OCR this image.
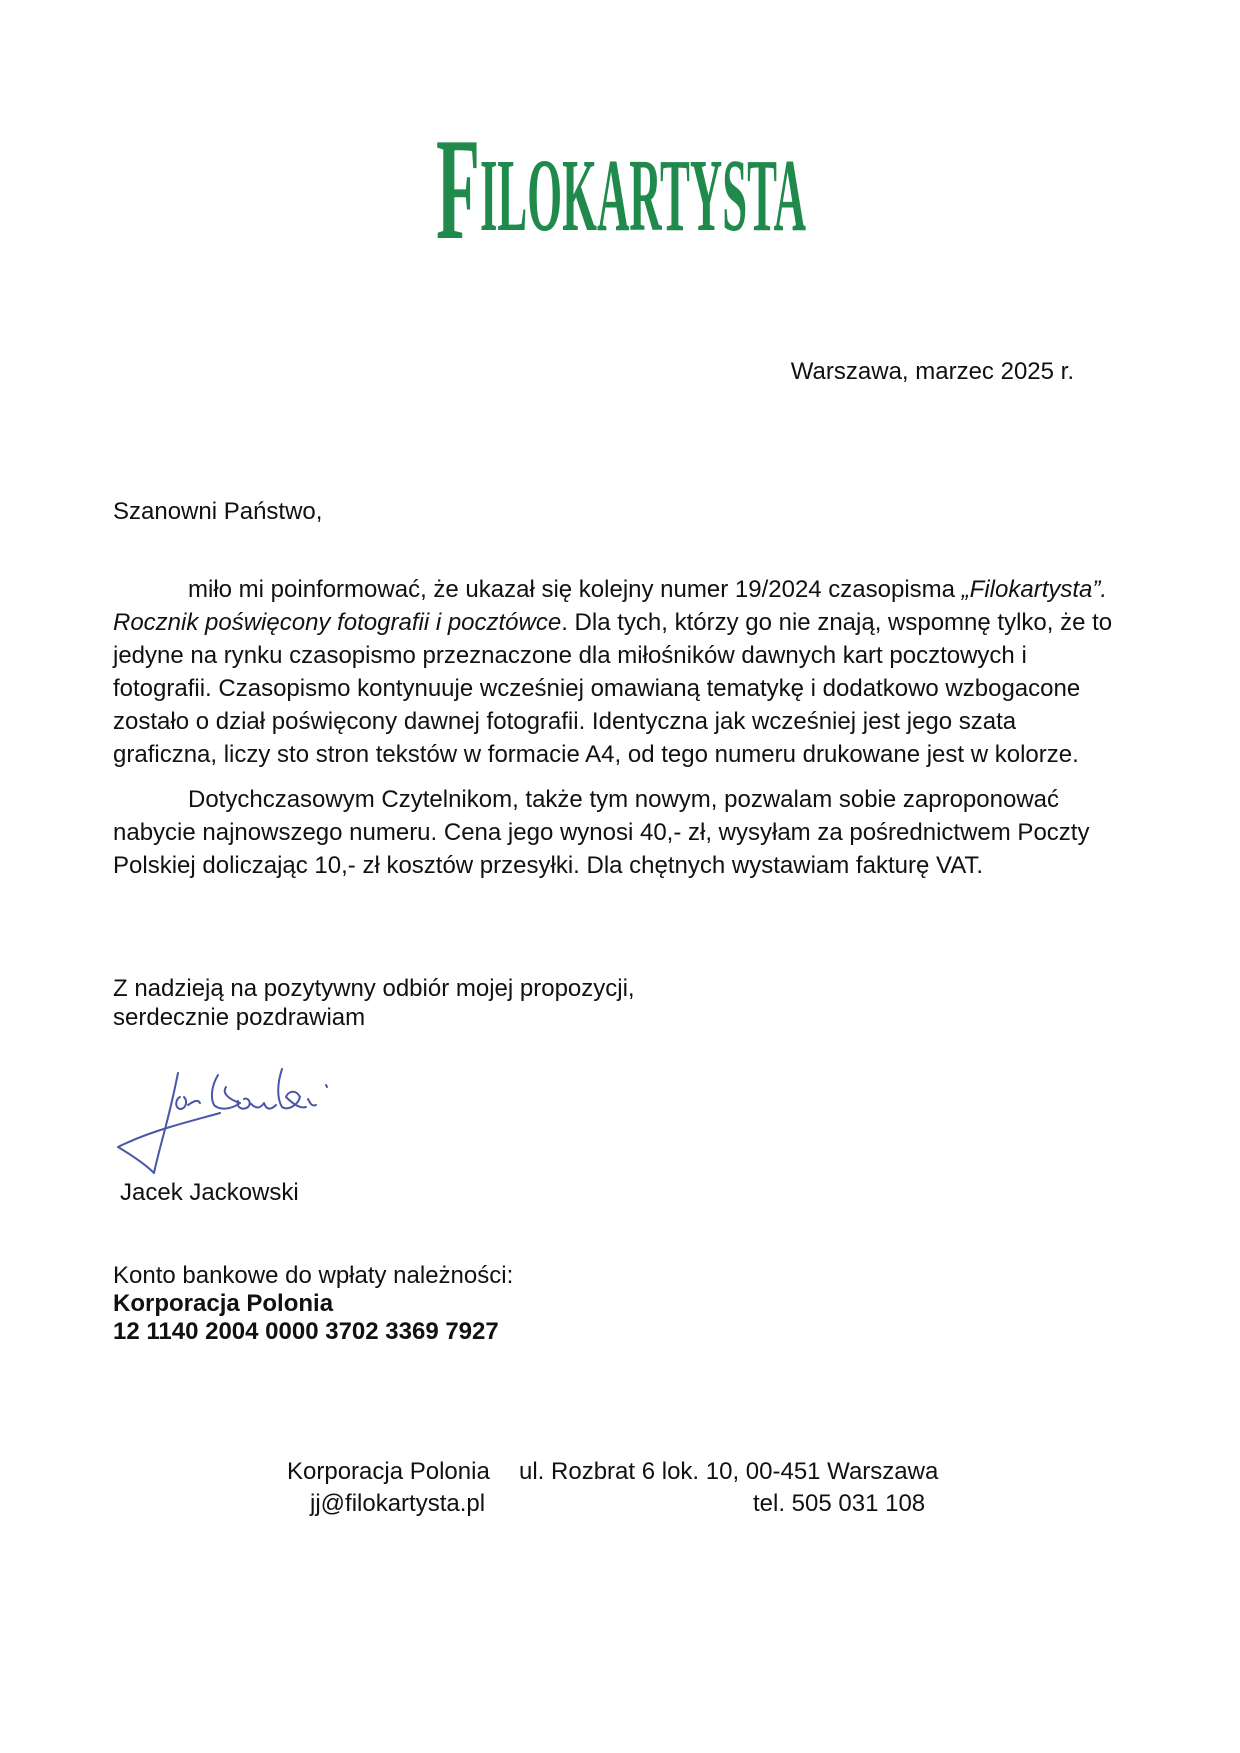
F ILOKARTYSTA
Warszawa, marzec 2025 r.
Szanowni Państwo,

miło mi poinformować, że ukazał się kolejny numer 19/2024 czasopisma „Filokartysta”. Rocznik poświęcony fotografii i pocztówce. Dla tych, którzy go nie znają, wspomnę tylko, że to jedyne na rynku czasopismo przeznaczone dla miłośników dawnych kart pocztowych i fotografii. Czasopismo kontynuuje wcześniej omawianą tematykę i dodatkowo wzbogacone zostało o dział poświęcony dawnej fotografii. Identyczna jak wcześniej jest jego szata graficzna, liczy sto stron tekstów w formacie A4, od tego numeru drukowane jest w kolorze.

Dotychczasowym Czytelnikom, także tym nowym, pozwalam sobie zaproponować nabycie najnowszego numeru. Cena jego wynosi 40,- zł, wysyłam za pośrednictwem Poczty Polskiej doliczając 10,- zł kosztów przesyłki. Dla chętnych wystawiam fakturę VAT.

Z nadzieją na pozytywny odbiór mojej propozycji,
serdecznie pozdrawiam
Jacek Jackowski
Konto bankowe do wpłaty należności:
Korporacja Polonia
12 1140 2004 0000 3702 3369 7927
Korporacja Polonia ul. Rozbrat 6 lok. 10, 00-451 Warszawa
jj@filokartysta.pl	tel. 505 031 108
